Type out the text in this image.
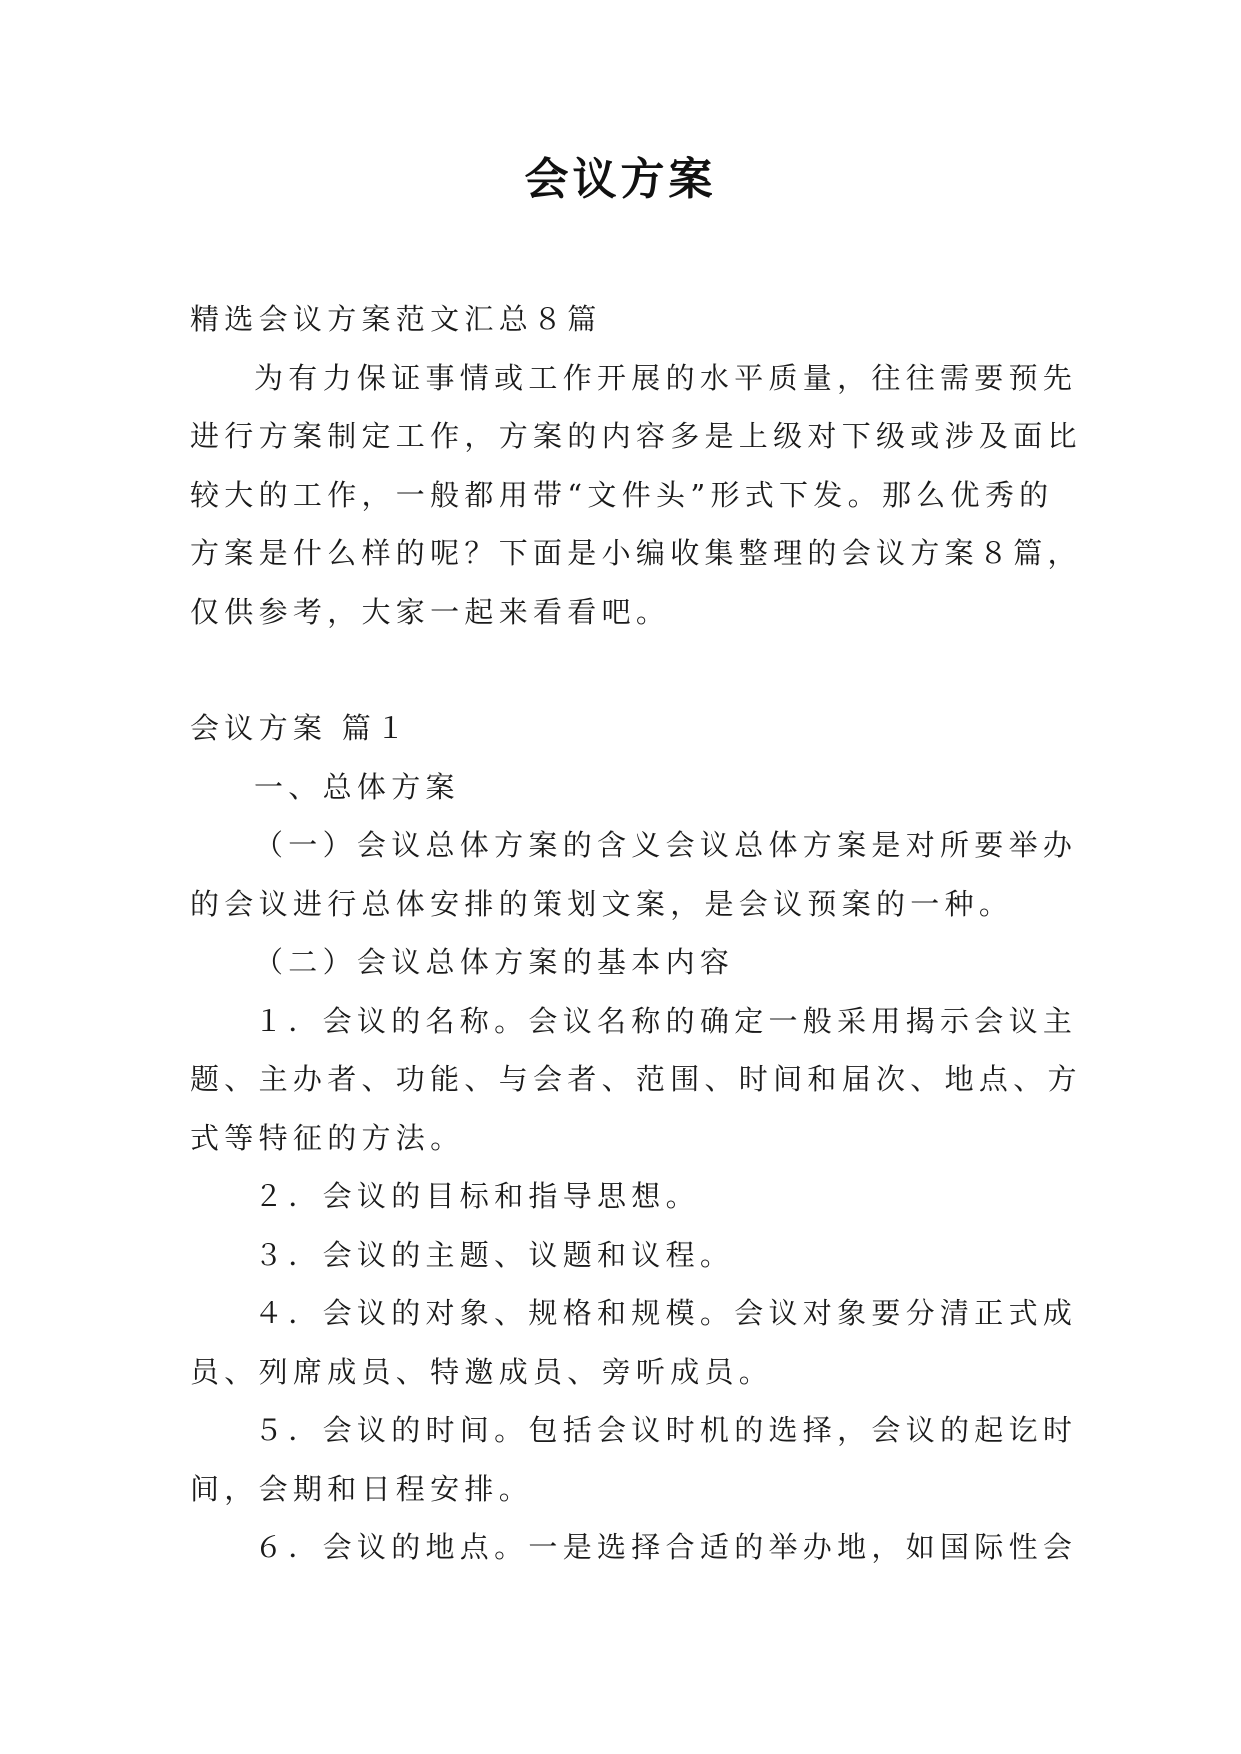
会议方案

精选会议方案范文汇总８篇

为有力保证事情或工作开展的水平质量，往往需要预先

进行方案制定工作，方案的内容多是上级对下级或涉及面比

较大的工作，一般都用带“文件头”形式下发。那么优秀的

方案是什么样的呢？下面是小编收集整理的会议方案８篇，

仅供参考，大家一起来看看吧。

会议方案 篇１

一、总体方案

（一）会议总体方案的含义会议总体方案是对所要举办

的会议进行总体安排的策划文案，是会议预案的一种。

（二）会议总体方案的基本内容

１．会议的名称。会议名称的确定一般采用揭示会议主

题、主办者、功能、与会者、范围、时间和届次、地点、方

式等特征的方法。

２．会议的目标和指导思想。

３．会议的主题、议题和议程。

４．会议的对象、规格和规模。会议对象要分清正式成

员、列席成员、特邀成员、旁听成员。

５．会议的时间。包括会议时机的选择，会议的起讫时

间，会期和日程安排。

６．会议的地点。一是选择合适的举办地，如国际性会
